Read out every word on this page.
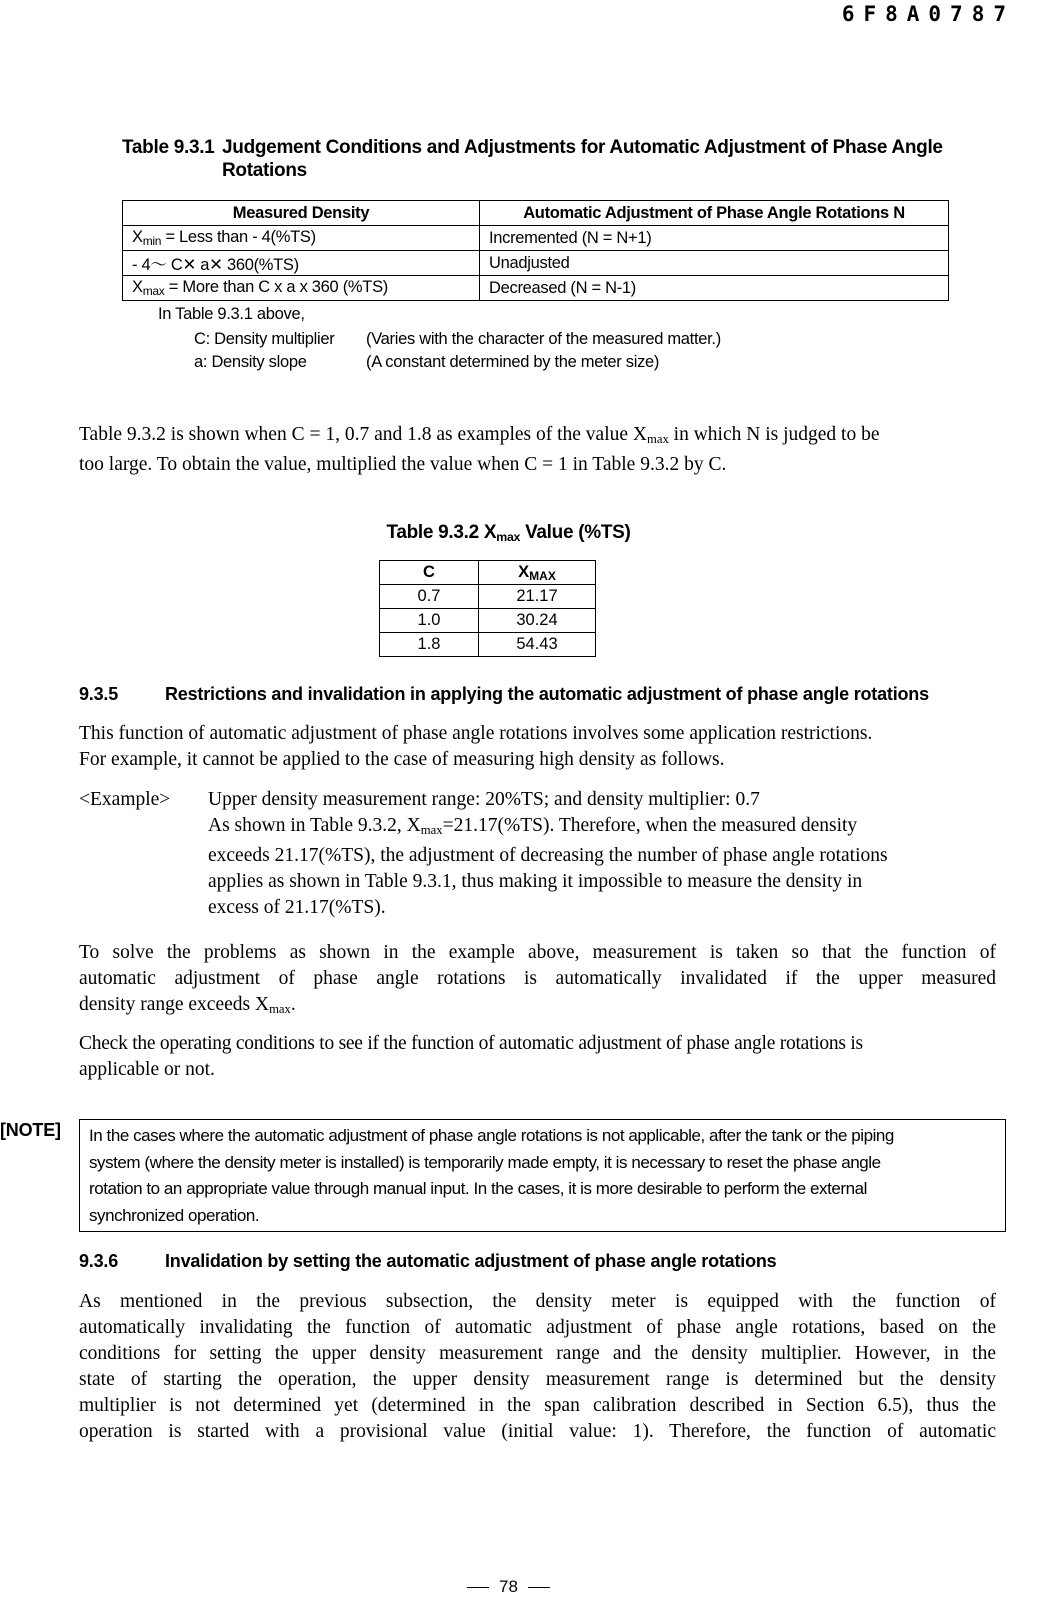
6F8A0787
Table 9.3.1 Judgement Conditions and Adjustments for Automatic Adjustment of Phase Angle
Rotations
Measured Density	Automatic Adjustment of Phase Angle Rotations N
Xmin = Less than - 4(%TS)	Incremented (N = N+1)
- 4～ C✕ a✕ 360(%TS)	Unadjusted
Xmax = More than C x a x 360 (%TS)	Decreased (N = N-1)
In Table 9.3.1 above,
C: Density multiplier	(Varies with the character of the measured matter.)
a: Density slope	(A constant determined by the meter size)
Table 9.3.2 is shown when C = 1, 0.7 and 1.8 as examples of the value $X_{max}$ in which N is judged to be
too large. To obtain the value, multiplied the value when C = 1 in Table 9.3.2 by C.
Table 9.3.2 $X_{max}$ Value (%TS)
C	XMAX
0.7	21.17
1.0	30.24
1.8	54.43
9.3.5	Restrictions and invalidation in applying the automatic adjustment of phase angle rotations
This function of automatic adjustment of phase angle rotations involves some application restrictions.
For example, it cannot be applied to the case of measuring high density as follows.
<Example> Upper density measurement range: 20%TS; and density multiplier: 0.7
As shown in Table 9.3.2, $X_{max}=21.17(\%TS)$. Therefore, when the measured density
exceeds 21.17(%TS), the adjustment of decreasing the number of phase angle rotations
applies as shown in Table 9.3.1, thus making it impossible to measure the density in
excess of 21.17(%TS).
To solve the problems as shown in the example above, measurement is taken so that the function of
automatic adjustment of phase angle rotations is automatically invalidated if the upper measured
density range exceeds $X_{max}$.
Check the operating conditions to see if the function of automatic adjustment of phase angle rotations is
applicable or not.
[NOTE] In the cases where the automatic adjustment of phase angle rotations is not applicable, after the tank or the piping
system (where the density meter is installed) is temporarily made empty, it is necessary to reset the phase angle
rotation to an appropriate value through manual input. In the cases, it is more desirable to perform the external
synchronized operation.
9.3.6	Invalidation by setting the automatic adjustment of phase angle rotations
As mentioned in the previous subsection, the density meter is equipped with the function of
automatically invalidating the function of automatic adjustment of phase angle rotations, based on the
conditions for setting the upper density measurement range and the density multiplier. However, in the
state of starting the operation, the upper density measurement range is determined but the density
multiplier is not determined yet (determined in the span calibration described in Section 6.5), thus the
operation is started with a provisional value (initial value: 1). Therefore, the function of automatic
78
